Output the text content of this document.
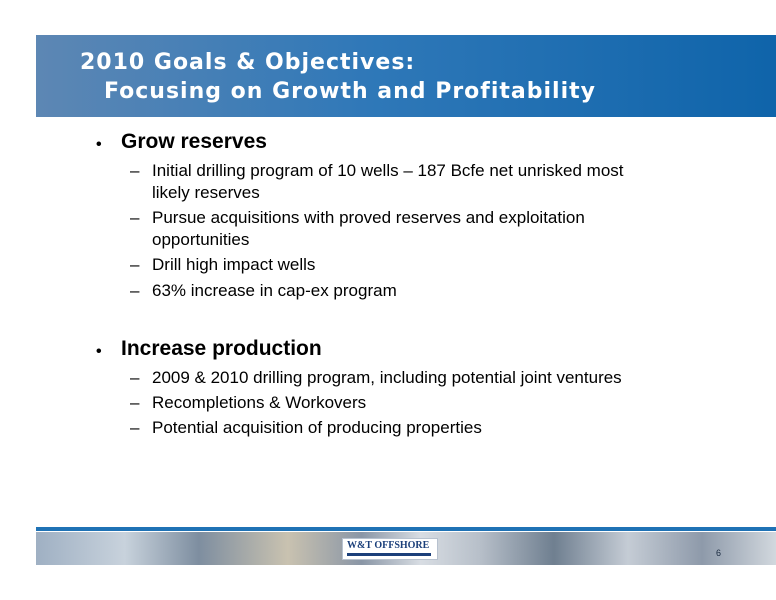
2010 Goals & Objectives:
Focusing on Growth and Profitability
• Grow reserves
– Initial drilling program of 10 wells – 187 Bcfe net unrisked most likely reserves
– Pursue acquisitions with proved reserves and exploitation opportunities
– Drill high impact wells
– 63% increase in cap-ex program
• Increase production
– 2009 & 2010 drilling program, including potential joint ventures
– Recompletions & Workovers
– Potential acquisition of producing properties
W&T OFFSHORE
6
